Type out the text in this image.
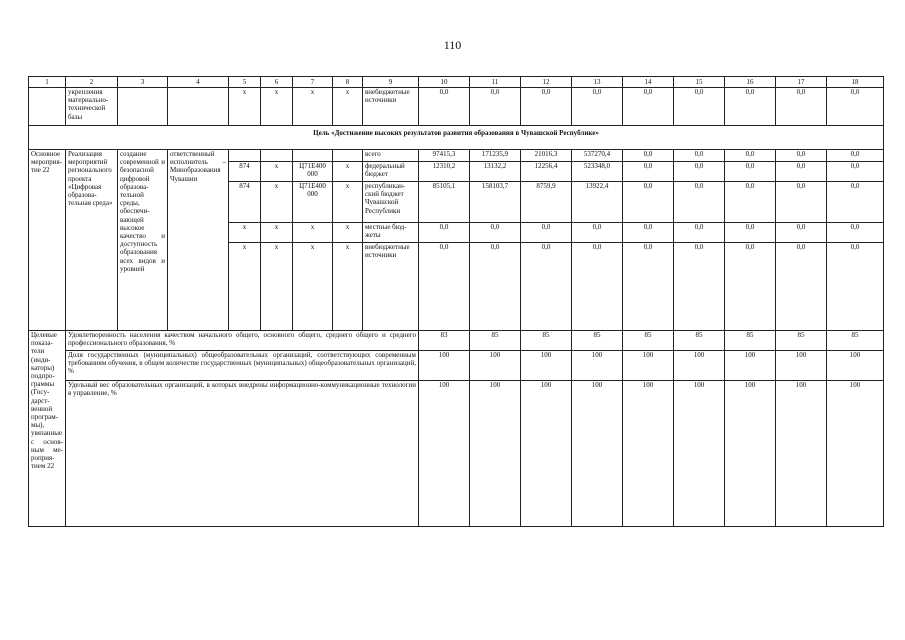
110
1	2	3	4	5	6	7	8	9	10	11	12	13	14	15	16	17	18
	укрепления материально-технической базы			x	x	x	x	внебюджетные источники	0,0	0,0	0,0	0,0	0,0	0,0	0,0	0,0	0,0
Цель «Достижение высоких результатов развития образования в Чувашской Республике»																	
Основное мероприятие 22	Реализация мероприятий регионального проекта «Цифровая образовательная среда»	создание современной и безопасной цифровой образовательной среды, обеспечивающей высокое качество и доступность образования всех видов и уровней	ответственный исполнитель – Минобразования Чувашии					всего	97415,3	171235,9	21016,3	537270,4	0,0	0,0	0,0	0,0	0,0
				874	x	Ц71Е400 000	x	федеральный бюджет	12310,2	13132,2	12256,4	523348,0	0,0	0,0	0,0	0,0	0,0
				874	x	Ц71Е400 000	x	республиканский бюджет Чувашской Республики	85105,1	158103,7	8759,9	13922,4	0,0	0,0	0,0	0,0	0,0
				x	x	x	x	местные бюджеты	0,0	0,0	0,0	0,0	0,0	0,0	0,0	0,0	0,0
				x	x	x	x	внебюджетные источники	0,0	0,0	0,0	0,0	0,0	0,0	0,0	0,0	0,0
Целевые показатели (индикаторы) подпрограммы (Государственной программы), увязанные с основным мероприятием 22	Удовлетворенность населения качеством начального общего, основного общего, среднего общего и среднего профессионального образования, %								83	85	85	85	85	85	85	85	85
	Доля государственных (муниципальных) общеобразовательных организаций, соответствующих современным требованиям обучения, в общем количестве государственных (муниципальных) общеобразовательных организаций, %								100	100	100	100	100	100	100	100	100
	Удельный вес образовательных организаций, в которых внедрены информационно-коммуникационные технологии в управление, %								100	100	100	100	100	100	100	100	100
